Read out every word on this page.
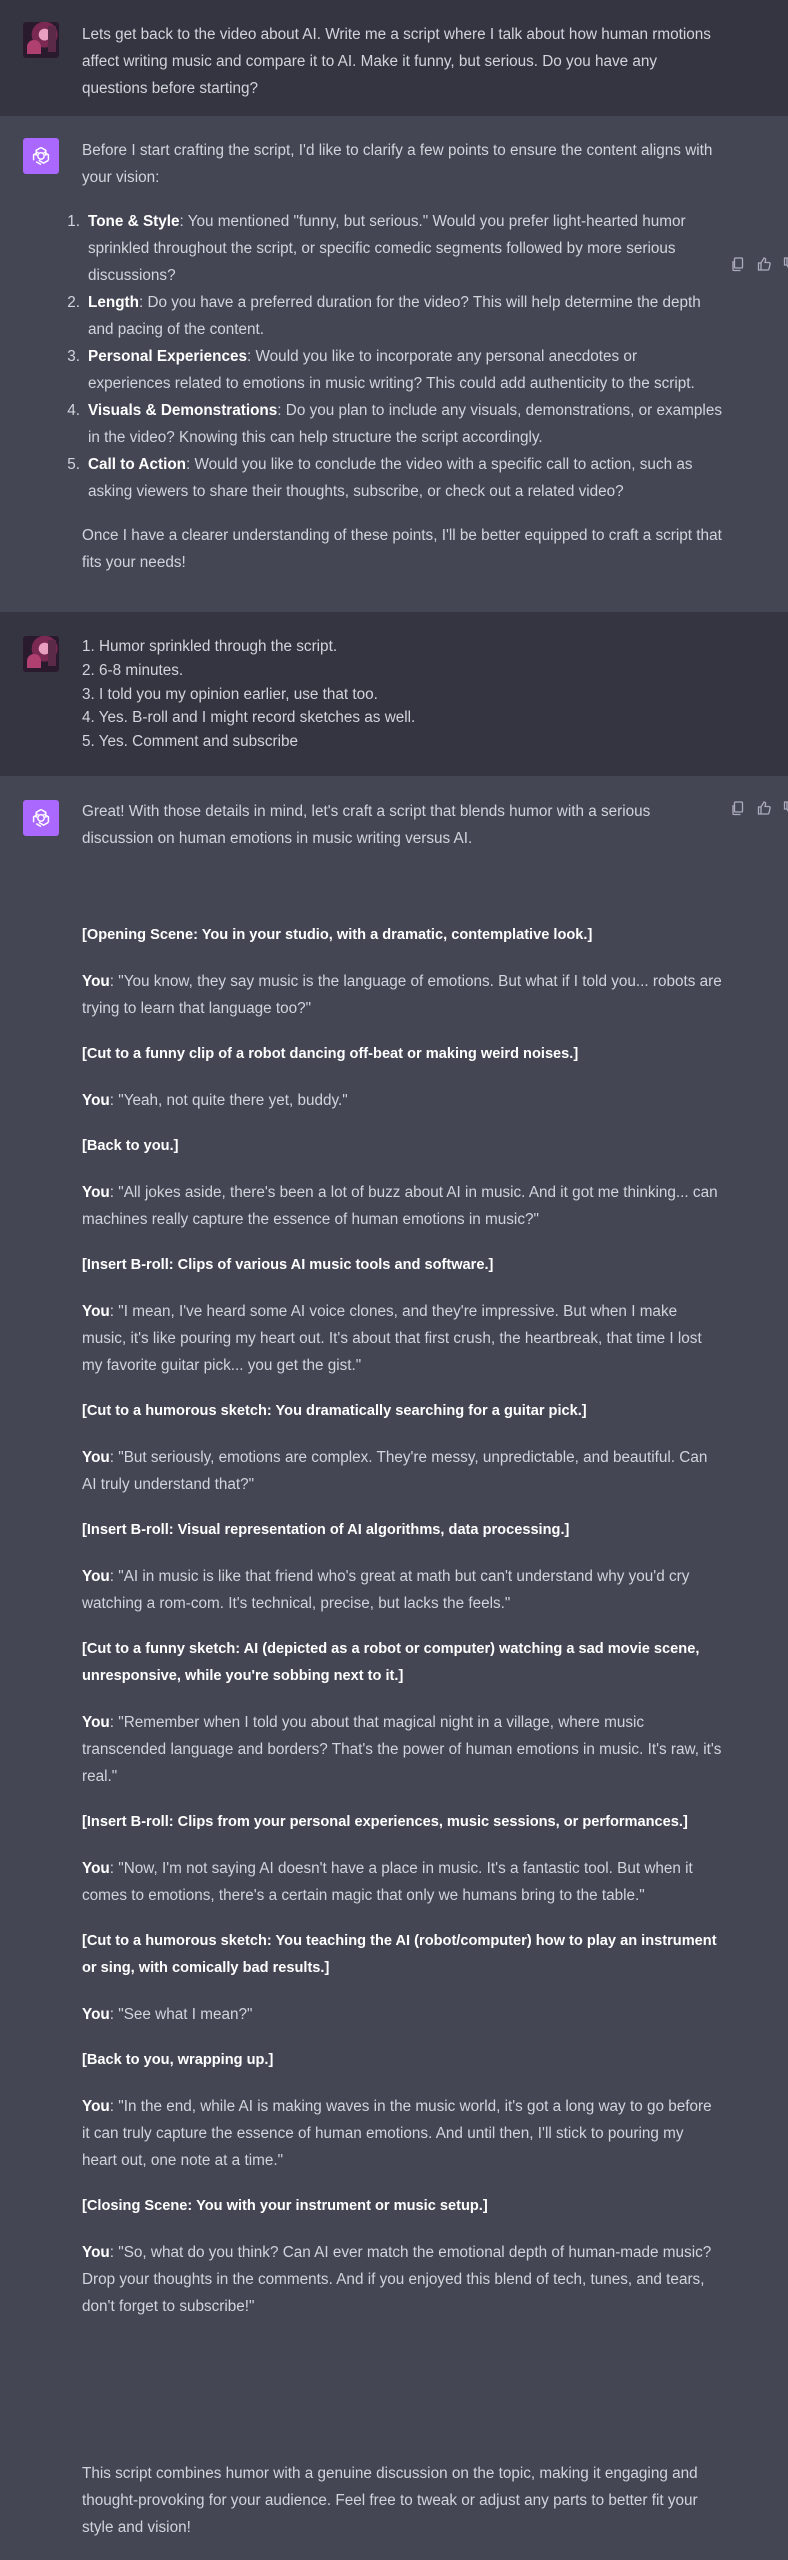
Lets get back to the video about AI. Write me a script where I talk about how human rmotions affect writing music and compare it to AI. Make it funny, but serious. Do you have any questions before starting?

Before I start crafting the script, I'd like to clarify a few points to ensure the content aligns with your vision:

1. Tone & Style: You mentioned "funny, but serious." Would you prefer light-hearted humor sprinkled throughout the script, or specific comedic segments followed by more serious discussions?
2. Length: Do you have a preferred duration for the video? This will help determine the depth and pacing of the content.
3. Personal Experiences: Would you like to incorporate any personal anecdotes or experiences related to emotions in music writing? This could add authenticity to the script.
4. Visuals & Demonstrations: Do you plan to include any visuals, demonstrations, or examples in the video? Knowing this can help structure the script accordingly.
5. Call to Action: Would you like to conclude the video with a specific call to action, such as asking viewers to share their thoughts, subscribe, or check out a related video?

Once I have a clearer understanding of these points, I'll be better equipped to craft a script that fits your needs!

1. Humor sprinkled through the script.

2. 6-8 minutes.

3. I told you my opinion earlier, use that too.

4. Yes. B-roll and I might record sketches as well.

5. Yes. Comment and subscribe

Great! With those details in mind, let's craft a script that blends humor with a serious discussion on human emotions in music writing versus AI.

[Opening Scene: You in your studio, with a dramatic, contemplative look.]

You: "You know, they say music is the language of emotions. But what if I told you... robots are trying to learn that language too?"

[Cut to a funny clip of a robot dancing off-beat or making weird noises.]

You: "Yeah, not quite there yet, buddy."

[Back to you.]

You: "All jokes aside, there's been a lot of buzz about AI in music. And it got me thinking... can machines really capture the essence of human emotions in music?"

[Insert B-roll: Clips of various AI music tools and software.]

You: "I mean, I've heard some AI voice clones, and they're impressive. But when I make music, it's like pouring my heart out. It's about that first crush, the heartbreak, that time I lost my favorite guitar pick... you get the gist."

[Cut to a humorous sketch: You dramatically searching for a guitar pick.]

You: "But seriously, emotions are complex. They're messy, unpredictable, and beautiful. Can AI truly understand that?"

[Insert B-roll: Visual representation of AI algorithms, data processing.]

You: "AI in music is like that friend who's great at math but can't understand why you'd cry watching a rom-com. It's technical, precise, but lacks the feels."

[Cut to a funny sketch: AI (depicted as a robot or computer) watching a sad movie scene, unresponsive, while you're sobbing next to it.]

You: "Remember when I told you about that magical night in a village, where music transcended language and borders? That's the power of human emotions in music. It's raw, it's real."

[Insert B-roll: Clips from your personal experiences, music sessions, or performances.]

You: "Now, I'm not saying AI doesn't have a place in music. It's a fantastic tool. But when it comes to emotions, there's a certain magic that only we humans bring to the table."

[Cut to a humorous sketch: You teaching the AI (robot/computer) how to play an instrument or sing, with comically bad results.]

You: "See what I mean?"

[Back to you, wrapping up.]

You: "In the end, while AI is making waves in the music world, it's got a long way to go before it can truly capture the essence of human emotions. And until then, I'll stick to pouring my heart out, one note at a time."

[Closing Scene: You with your instrument or music setup.]

You: "So, what do you think? Can AI ever match the emotional depth of human-made music? Drop your thoughts in the comments. And if you enjoyed this blend of tech, tunes, and tears, don't forget to subscribe!"

This script combines humor with a genuine discussion on the topic, making it engaging and thought-provoking for your audience. Feel free to tweak or adjust any parts to better fit your style and vision!
